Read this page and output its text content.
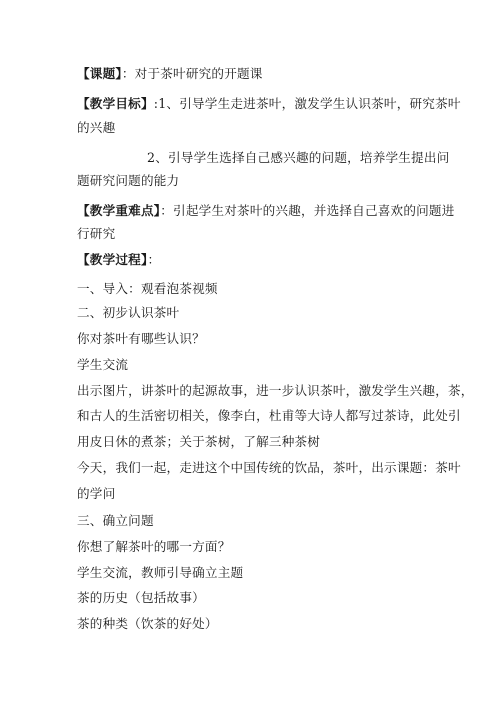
【课题】：对于茶叶研究的开题课
【教学目标】:1、引导学生走进茶叶，激发学生认识茶叶，研究茶叶
的兴趣
2、引导学生选择自己感兴趣的问题，培养学生提出问
题研究问题的能力
【教学重难点】：引起学生对茶叶的兴趣，并选择自己喜欢的问题进
行研究
【教学过程】：
一、导入：观看泡茶视频
二、初步认识茶叶
你对茶叶有哪些认识？
学生交流
出示图片，讲茶叶的起源故事，进一步认识茶叶，激发学生兴趣，茶，
和古人的生活密切相关，像李白，杜甫等大诗人都写过茶诗，此处引
用皮日休的煮茶；关于茶树，了解三种茶树
今天，我们一起，走进这个中国传统的饮品，茶叶，出示课题：茶叶
的学问
三、确立问题
你想了解茶叶的哪一方面？
学生交流，教师引导确立主题
茶的历史（包括故事）
茶的种类（饮茶的好处）
